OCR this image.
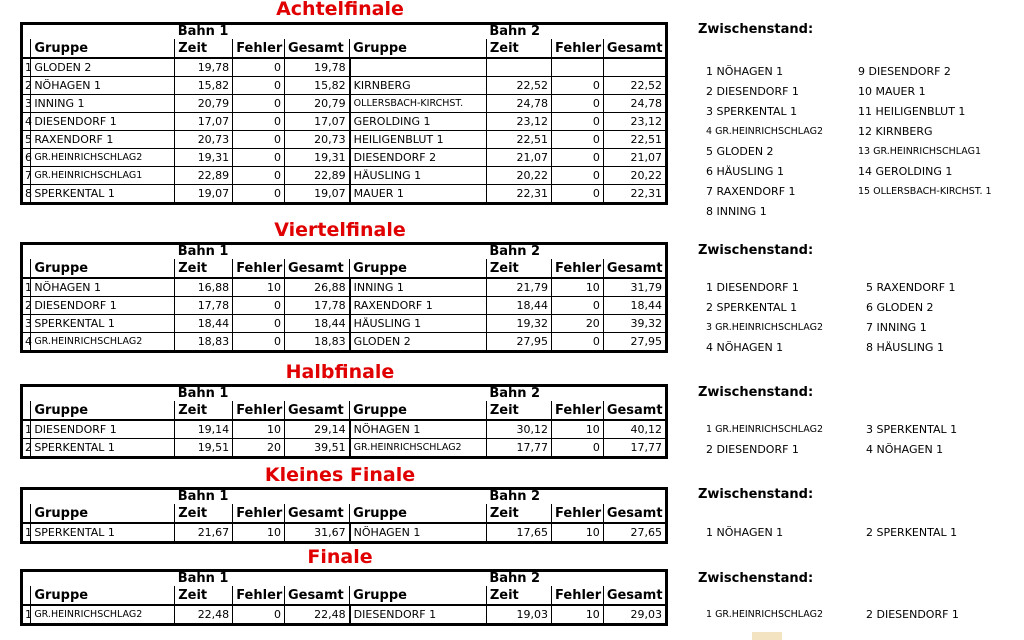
Achtelfinale
		Bahn 1				Bahn 2		
	Gruppe	Zeit	Fehler	Gesamt	Gruppe	Zeit	Fehler	Gesamt
1	GLODEN 2	19,78	0	19,78				
2	NÖHAGEN 1	15,82	0	15,82	KIRNBERG	22,52	0	22,52
3	INNING 1	20,79	0	20,79	OLLERSBACH-KIRCHST.	24,78	0	24,78
4	DIESENDORF 1	17,07	0	17,07	GEROLDING 1	23,12	0	23,12
5	RAXENDORF 1	20,73	0	20,73	HEILIGENBLUT 1	22,51	0	22,51
6	GR.HEINRICHSCHLAG2	19,31	0	19,31	DIESENDORF 2	21,07	0	21,07
7	GR.HEINRICHSCHLAG1	22,89	0	22,89	HÄUSLING 1	20,22	0	20,22
8	SPERKENTAL 1	19,07	0	19,07	MAUER 1	22,31	0	22,31
Zwischenstand:
1 NÖHAGEN 1
2 DIESENDORF 1
3 SPERKENTAL 1
4 GR.HEINRICHSCHLAG2
5 GLODEN 2
6 HÄUSLING 1
7 RAXENDORF 1
8 INNING 1
9 DIESENDORF 2
10 MAUER 1
11 HEILIGENBLUT 1
12 KIRNBERG
13 GR.HEINRICHSCHLAG1
14 GEROLDING 1
15 OLLERSBACH-KIRCHST. 1
Viertelfinale
		Bahn 1				Bahn 2		
	Gruppe	Zeit	Fehler	Gesamt	Gruppe	Zeit	Fehler	Gesamt
1	NÖHAGEN 1	16,88	10	26,88	INNING 1	21,79	10	31,79
2	DIESENDORF 1	17,78	0	17,78	RAXENDORF 1	18,44	0	18,44
3	SPERKENTAL 1	18,44	0	18,44	HÄUSLING 1	19,32	20	39,32
4	GR.HEINRICHSCHLAG2	18,83	0	18,83	GLODEN 2	27,95	0	27,95
Zwischenstand:
1 DIESENDORF 1
2 SPERKENTAL 1
3 GR.HEINRICHSCHLAG2
4 NÖHAGEN 1
5 RAXENDORF 1
6 GLODEN 2
7 INNING 1
8 HÄUSLING 1
Halbfinale
		Bahn 1				Bahn 2		
	Gruppe	Zeit	Fehler	Gesamt	Gruppe	Zeit	Fehler	Gesamt
1	DIESENDORF 1	19,14	10	29,14	NÖHAGEN 1	30,12	10	40,12
2	SPERKENTAL 1	19,51	20	39,51	GR.HEINRICHSCHLAG2	17,77	0	17,77
Zwischenstand:
1 GR.HEINRICHSCHLAG2
2 DIESENDORF 1
3 SPERKENTAL 1
4 NÖHAGEN 1
Kleines Finale
		Bahn 1				Bahn 2		
	Gruppe	Zeit	Fehler	Gesamt	Gruppe	Zeit	Fehler	Gesamt
1	SPERKENTAL 1	21,67	10	31,67	NÖHAGEN 1	17,65	10	27,65
Zwischenstand:
1 NÖHAGEN 1	2 SPERKENTAL 1
Finale
		Bahn 1				Bahn 2		
	Gruppe	Zeit	Fehler	Gesamt	Gruppe	Zeit	Fehler	Gesamt
1	GR.HEINRICHSCHLAG2	22,48	0	22,48	DIESENDORF 1	19,03	10	29,03
Zwischenstand:
1 GR.HEINRICHSCHLAG2	2 DIESENDORF 1
